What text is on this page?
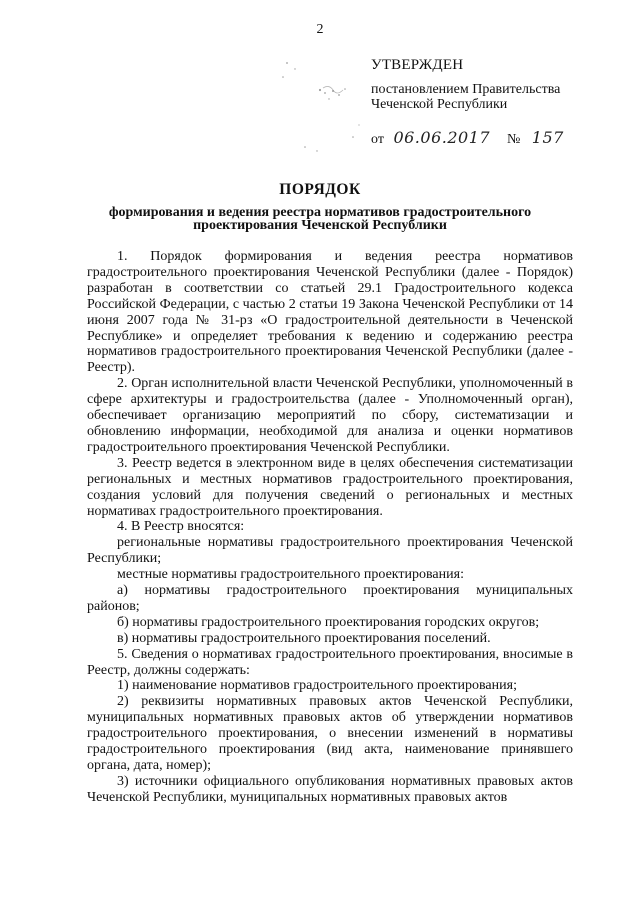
2
УТВЕРЖДЕН
постановлением Правительства
Чеченской Республики
от 06.06.2017 № 157
ПОРЯДОК
формирования и ведения реестра нормативов градостроительного проектирования Чеченской Республики

1. Порядок формирования и ведения реестра нормативов градостроительного проектирования Чеченской Республики (далее - Порядок) разработан в соответствии со статьей 29.1 Градостроительного кодекса Российской Федерации, с частью 2 статьи 19 Закона Чеченской Республики от 14 июня 2007 года № 31-рз «О градостроительной деятельности в Чеченской Республике» и определяет требования к ведению и содержанию реестра нормативов градостроительного проектирования Чеченской Республики (далее - Реестр).

2. Орган исполнительной власти Чеченской Республики, уполномоченный в сфере архитектуры и градостроительства (далее - Уполномоченный орган), обеспечивает организацию мероприятий по сбору, систематизации и обновлению информации, необходимой для анализа и оценки нормативов градостроительного проектирования Чеченской Республики.

3. Реестр ведется в электронном виде в целях обеспечения систематизации региональных и местных нормативов градостроительного проектирования, создания условий для получения сведений о региональных и местных нормативах градостроительного проектирования.

4. В Реестр вносятся:

региональные нормативы градостроительного проектирования Чеченской Республики;

местные нормативы градостроительного проектирования:

а) нормативы градостроительного проектирования муниципальных районов;

б) нормативы градостроительного проектирования городских округов;

в) нормативы градостроительного проектирования поселений.

5. Сведения о нормативах градостроительного проектирования, вносимые в Реестр, должны содержать:

1) наименование нормативов градостроительного проектирования;

2) реквизиты нормативных правовых актов Чеченской Республики, муниципальных нормативных правовых актов об утверждении нормативов градостроительного проектирования, о внесении изменений в нормативы градостроительного проектирования (вид акта, наименование принявшего органа, дата, номер);

3) источники официального опубликования нормативных правовых актов Чеченской Республики, муниципальных нормативных правовых актов
